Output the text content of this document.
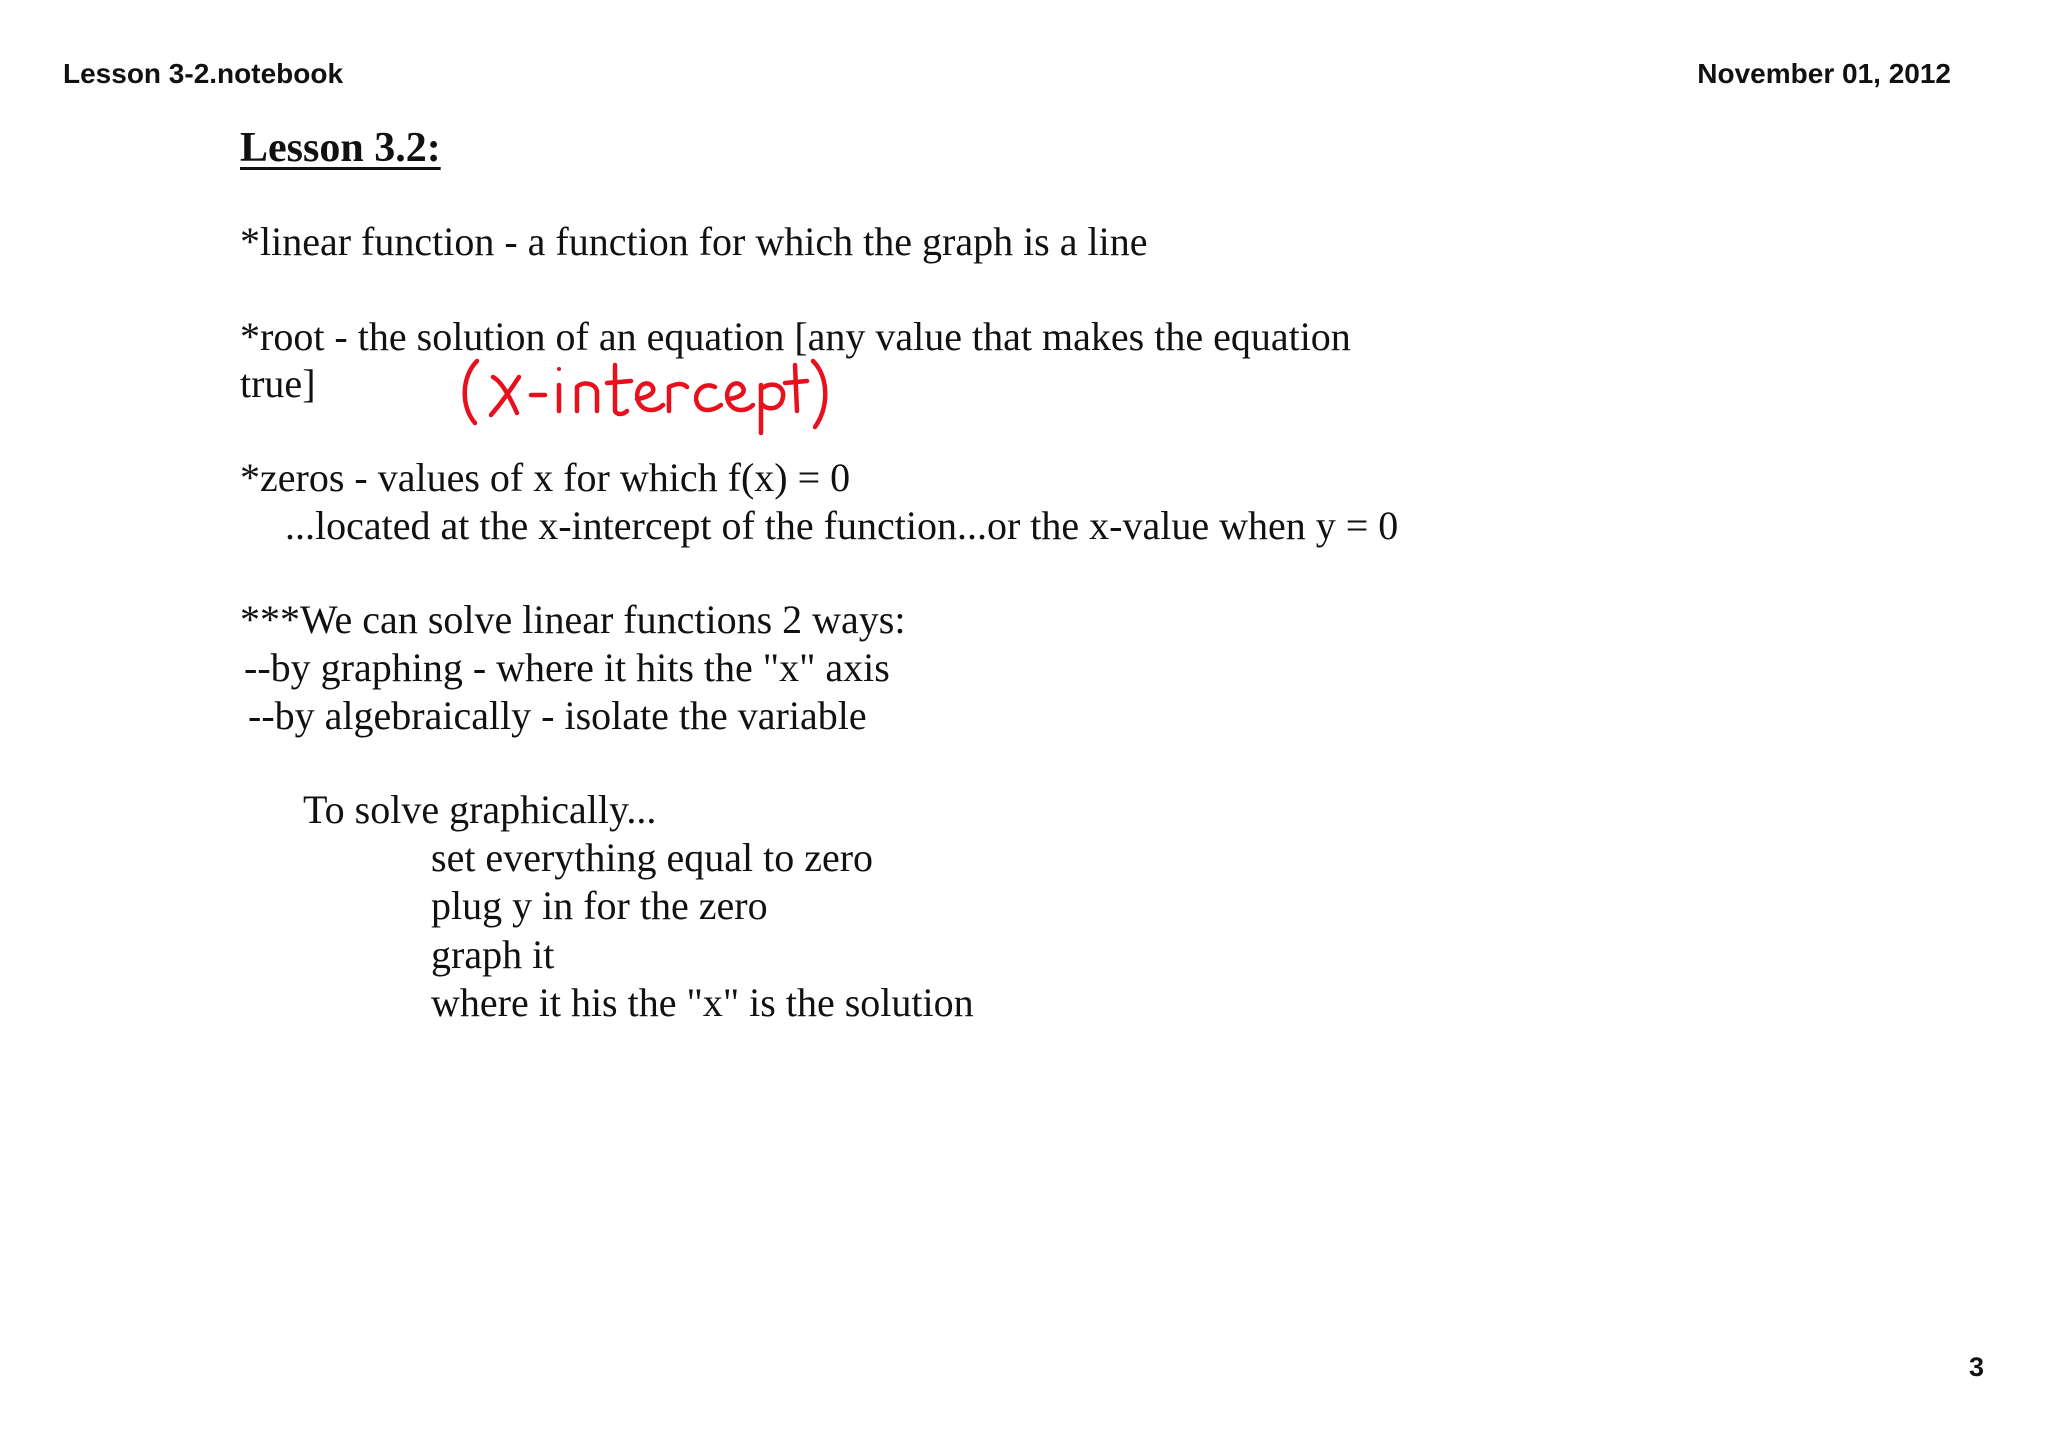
Lesson 3-2.notebook	November 01, 2012
Lesson 3.2:
*linear function - a function for which the graph is a line
*root - the solution of an equation [any value that makes the equation
true]
*zeros - values of x for which f(x) = 0
...located at the x-intercept of the function...or the x-value when y = 0
***We can solve linear functions 2 ways:
--by graphing - where it hits the "x" axis
--by algebraically - isolate the variable
To solve graphically...
set everything equal to zero
plug y in for the zero
graph it
where it his the "x" is the solution
3
